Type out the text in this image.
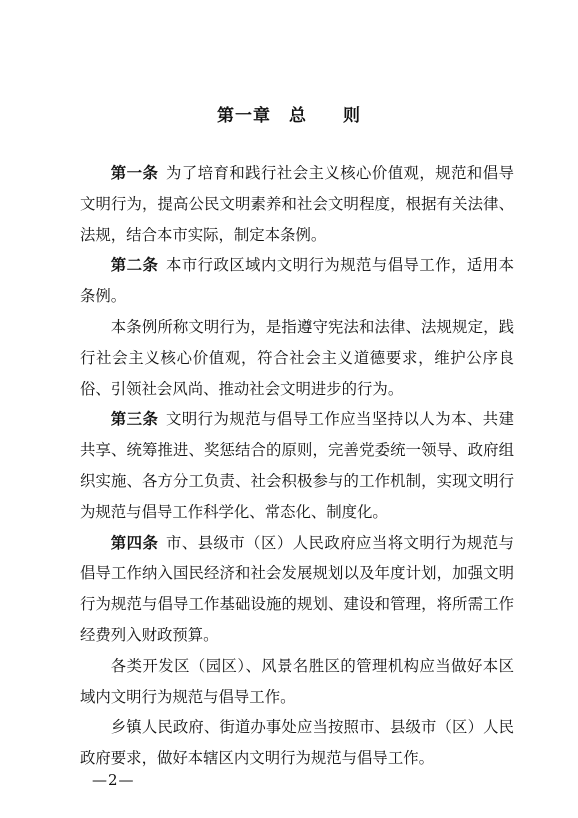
第一章　总　　则

第一条 为了培育和践行社会主义核心价值观，规范和倡导文明行为，提高公民文明素养和社会文明程度，根据有关法律、法规，结合本市实际，制定本条例。

第二条 本市行政区域内文明行为规范与倡导工作，适用本条例。

本条例所称文明行为，是指遵守宪法和法律、法规规定，践行社会主义核心价值观，符合社会主义道德要求，维护公序良俗、引领社会风尚、推动社会文明进步的行为。

第三条 文明行为规范与倡导工作应当坚持以人为本、共建共享、统筹推进、奖惩结合的原则，完善党委统一领导、政府组织实施、各方分工负责、社会积极参与的工作机制，实现文明行为规范与倡导工作科学化、常态化、制度化。

第四条 市、县级市（区）人民政府应当将文明行为规范与倡导工作纳入国民经济和社会发展规划以及年度计划，加强文明行为规范与倡导工作基础设施的规划、建设和管理，将所需工作经费列入财政预算。

各类开发区（园区）、风景名胜区的管理机构应当做好本区域内文明行为规范与倡导工作。

乡镇人民政府、街道办事处应当按照市、县级市（区）人民政府要求，做好本辖区内文明行为规范与倡导工作。

—2—
